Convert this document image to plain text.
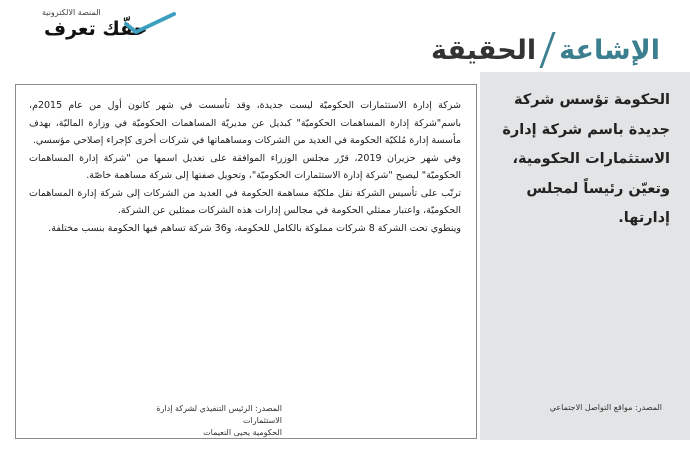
المنصة الالكترونية
حقّك تعرف
الإشاعة
الحقيقة
الحكومة تؤسس شركة جديدة باسم شركة إدارة الاستثمارات الحكومية، وتعيّن رئيساً لمجلس إدارتها.
المصدر: مواقع التواصل الاجتماعي

شركة إدارة الاستثمارات الحكوميّة ليست جديدة، وقد تأسست في شهر كانون أول من عام 2015م، باسم"شركة إدارة المساهمات الحكوميّة" كبديل عن مديريّة المساهمات الحكوميّة في وزارة الماليّة، بهدف مأسسة إدارة مُلكيّة الحكومة في العديد من الشركات ومساهماتها في شركات أخرى كإجراء إصلاحي مؤسسي.

وفي شهر حزيران 2019، قرّر مجلس الوزراء الموافقة على تعديل اسمها من "شركة إدارة المساهمات الحكوميّة" ليصبح "شركة إدارة الاستثمارات الحكوميّة"، وتحويل صفتها إلى شركة مساهمة خاصّة.

ترتّب على تأسيس الشركة نقل ملكيّة مساهمة الحكومة في العديد من الشركات إلى شركة إدارة المساهمات الحكوميّة، واعتبار ممثلي الحكومة في مجالس إدارات هذه الشركات ممثلين عن الشركة.

وينطوي تحت الشركة 8 شركات مملوكة بالكامل للحكومة، و36 شركة تساهم فيها الحكومة بنسب مختلفة.

المصدر: الرئيس التنفيذي لشركة إدارة الاستثمارات
الحكومية يحيى النعيمات
